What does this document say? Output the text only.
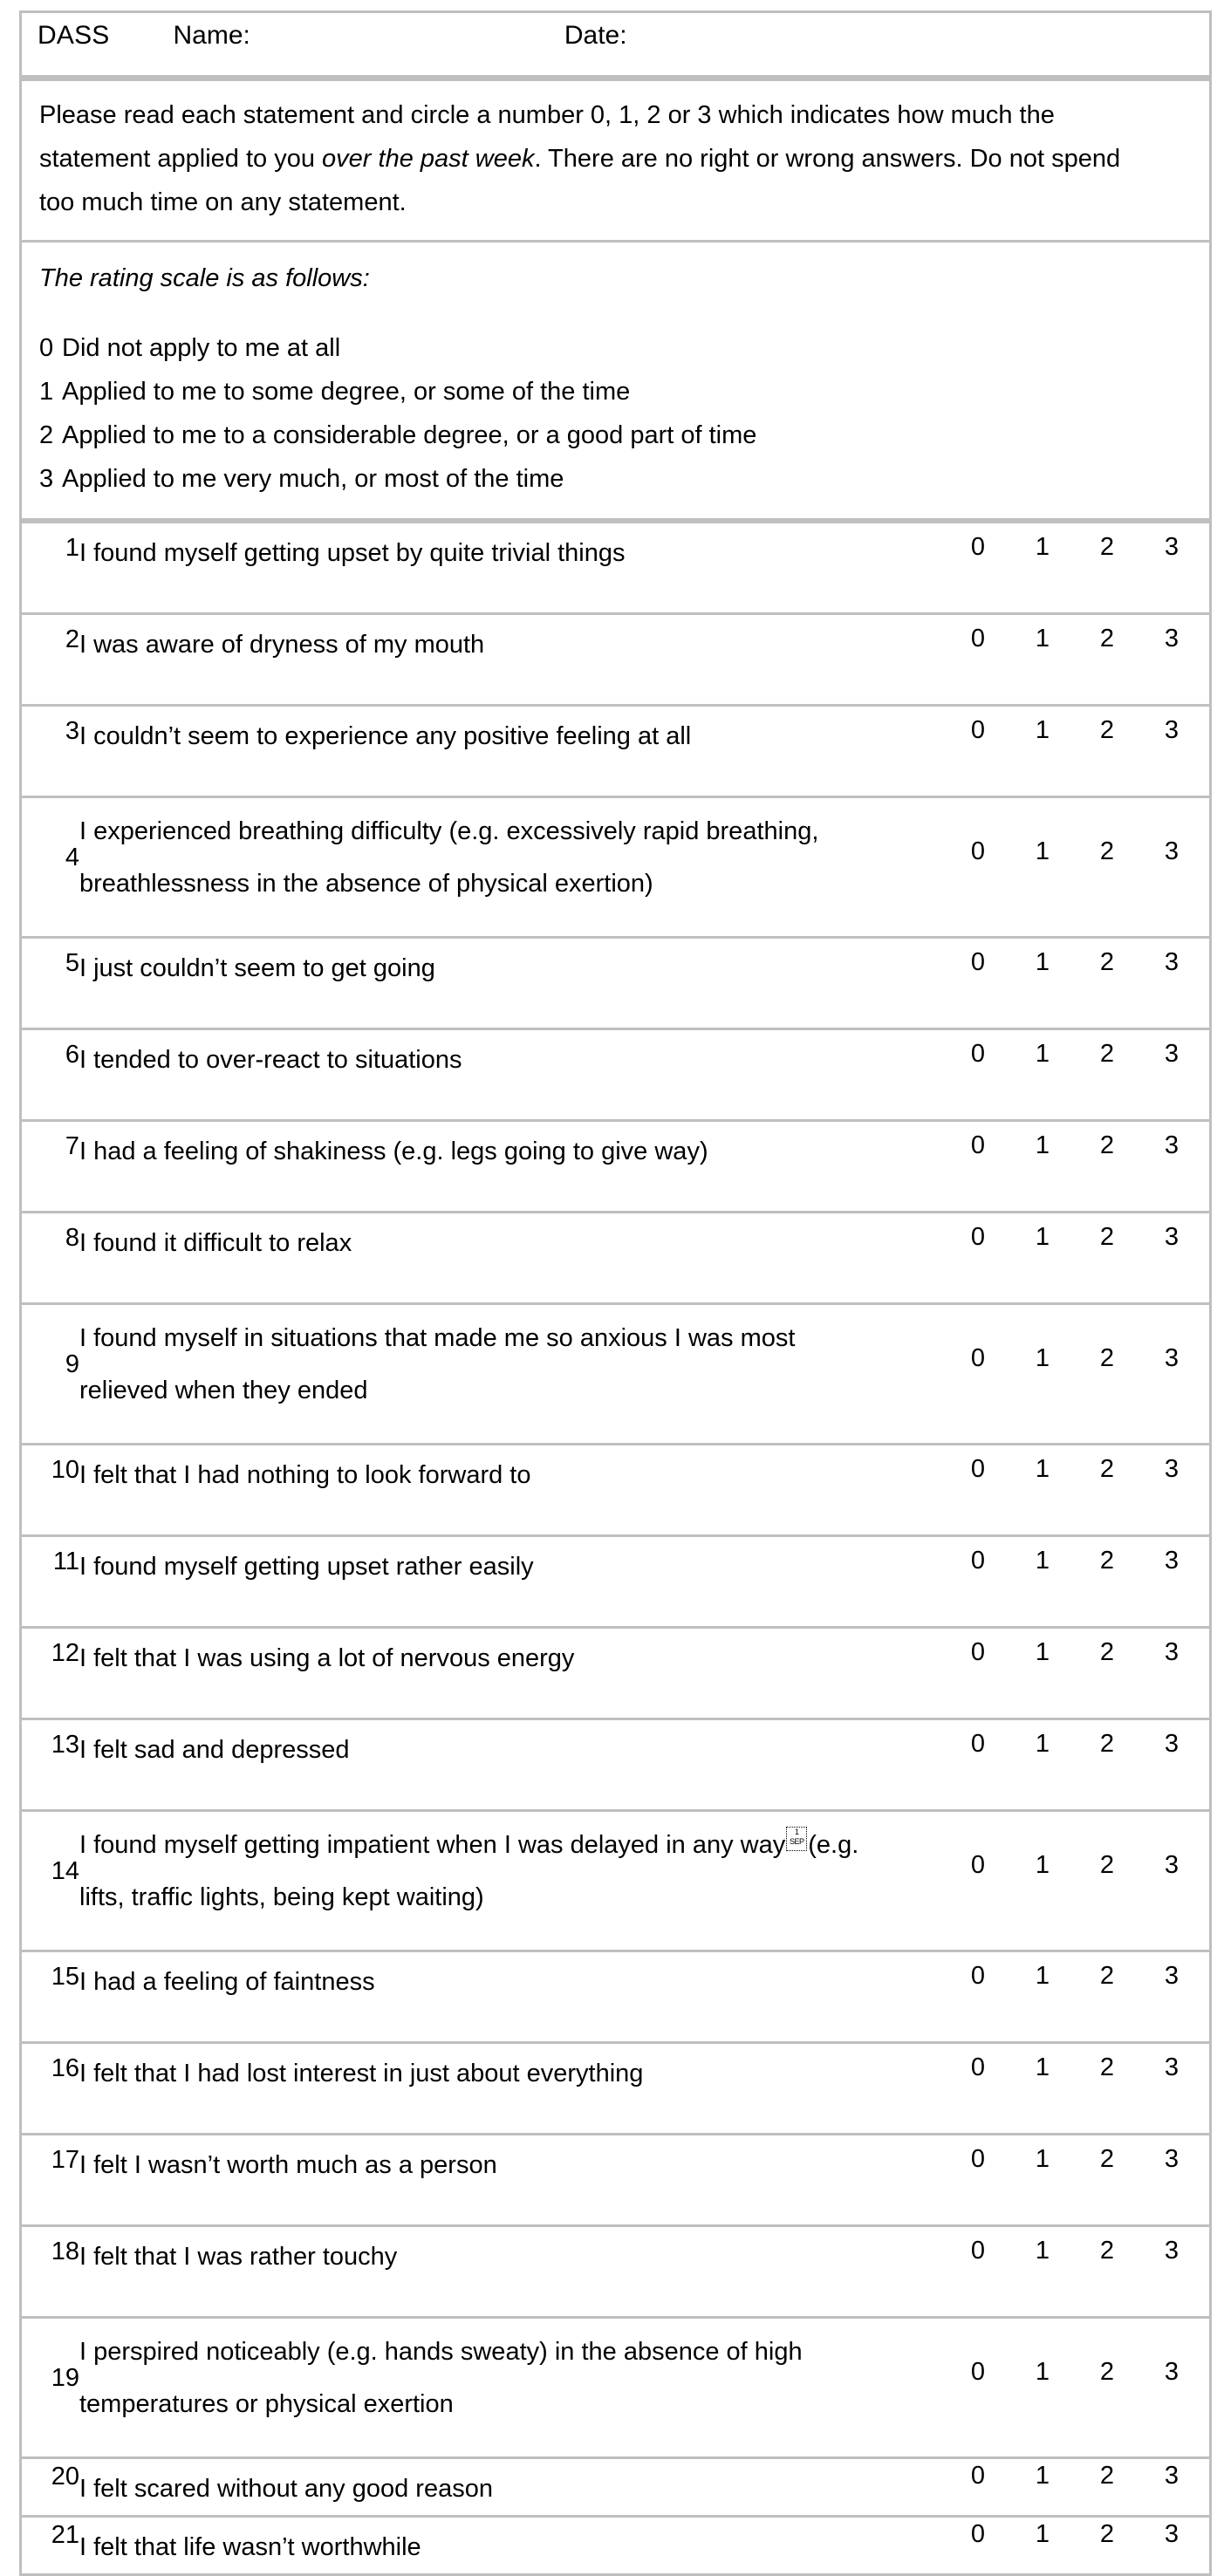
DASS Name:	Date:

Please read each statement and circle a number 0, 1, 2 or 3 which indicates how much the

statement applied to you over the past week. There are no right or wrong answers. Do not spend

too much time on any statement.

The rating scale is as follows:
0 Did not apply to me at all
1 Applied to me to some degree, or some of the time
2 Applied to me to a considerable degree, or a good part of time
3 Applied to me very much, or most of the time
1	I found myself getting upset by quite trivial things	0 1 2 3

2	I was aware of dryness of my mouth	0 1 2 3

3	I couldn’t seem to experience any positive feeling at all	0 1 2 3

4	I experienced breathing difficulty (e.g. excessively rapid breathing,
breathlessness in the absence of physical exertion)	0 1 2 3

5	I just couldn’t seem to get going	0 1 2 3

6	I tended to over-react to situations	0 1 2 3

7	I had a feeling of shakiness (e.g. legs going to give way)	0 1 2 3

8	I found it difficult to relax	0 1 2 3

9	I found myself in situations that made me so anxious I was most
relieved when they ended	0 1 2 3

10	I felt that I had nothing to look forward to	0 1 2 3

11	I found myself getting upset rather easily	0 1 2 3

12	I felt that I was using a lot of nervous energy	0 1 2 3

13	I felt sad and depressed	0 1 2 3

14	I found myself getting impatient when I was delayed in any way 1
SEP (e.g.
lifts, traffic lights, being kept waiting)	0 1 2 3

15	I had a feeling of faintness	0 1 2 3

16	I felt that I had lost interest in just about everything	0 1 2 3

17	I felt I wasn’t worth much as a person	0 1 2 3

18	I felt that I was rather touchy	0 1 2 3

19	I perspired noticeably (e.g. hands sweaty) in the absence of high
temperatures or physical exertion	0 1 2 3

20	I felt scared without any good reason	0 1 2 3

21	I felt that life wasn’t worthwhile	0 1 2 3
